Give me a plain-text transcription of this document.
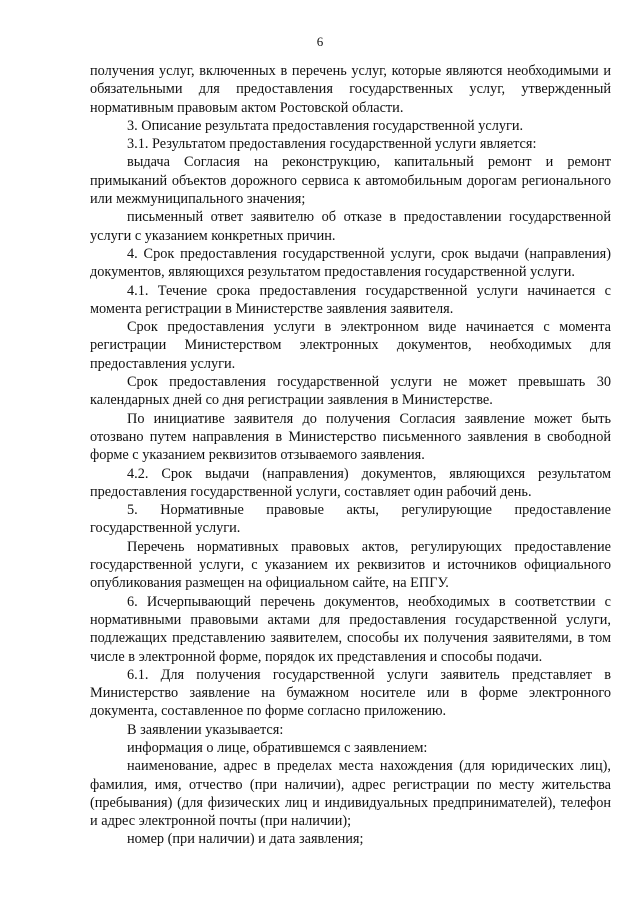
6

получения услуг, включенных в перечень услуг, которые являются необходимыми и обязательными для предоставления государственных услуг, утвержденный нормативным правовым актом Ростовской области.

3. Описание результата предоставления государственной услуги.

3.1. Результатом предоставления государственной услуги является:

выдача Согласия на реконструкцию, капитальный ремонт и ремонт примыканий объектов дорожного сервиса к автомобильным дорогам регионального или межмуниципального значения;

письменный ответ заявителю об отказе в предоставлении государственной услуги с указанием конкретных причин.

4. Срок предоставления государственной услуги, срок выдачи (направления) документов, являющихся результатом предоставления государственной услуги.

4.1. Течение срока предоставления государственной услуги начинается с момента регистрации в Министерстве заявления заявителя.

Срок предоставления услуги в электронном виде начинается с момента регистрации Министерством электронных документов, необходимых для предоставления услуги.

Срок предоставления государственной услуги не может превышать 30 календарных дней со дня регистрации заявления в Министерстве.

По инициативе заявителя до получения Согласия заявление может быть отозвано путем направления в Министерство письменного заявления в свободной форме с указанием реквизитов отзываемого заявления.

4.2. Срок выдачи (направления) документов, являющихся результатом предоставления государственной услуги, составляет один рабочий день.

5. Нормативные правовые акты, регулирующие предоставление государственной услуги.

Перечень нормативных правовых актов, регулирующих предоставление государственной услуги, с указанием их реквизитов и источников официального опубликования размещен на официальном сайте, на ЕПГУ.

6. Исчерпывающий перечень документов, необходимых в соответствии с нормативными правовыми актами для предоставления государственной услуги, подлежащих представлению заявителем, способы их получения заявителями, в том числе в электронной форме, порядок их представления и способы подачи.

6.1. Для получения государственной услуги заявитель представляет в Министерство заявление на бумажном носителе или в форме электронного документа, составленное по форме согласно приложению.

В заявлении указывается:

информация о лице, обратившемся с заявлением:

наименование, адрес в пределах места нахождения (для юридических лиц), фамилия, имя, отчество (при наличии), адрес регистрации по месту жительства (пребывания) (для физических лиц и индивидуальных предпринимателей), телефон и адрес электронной почты (при наличии);

номер (при наличии) и дата заявления;
